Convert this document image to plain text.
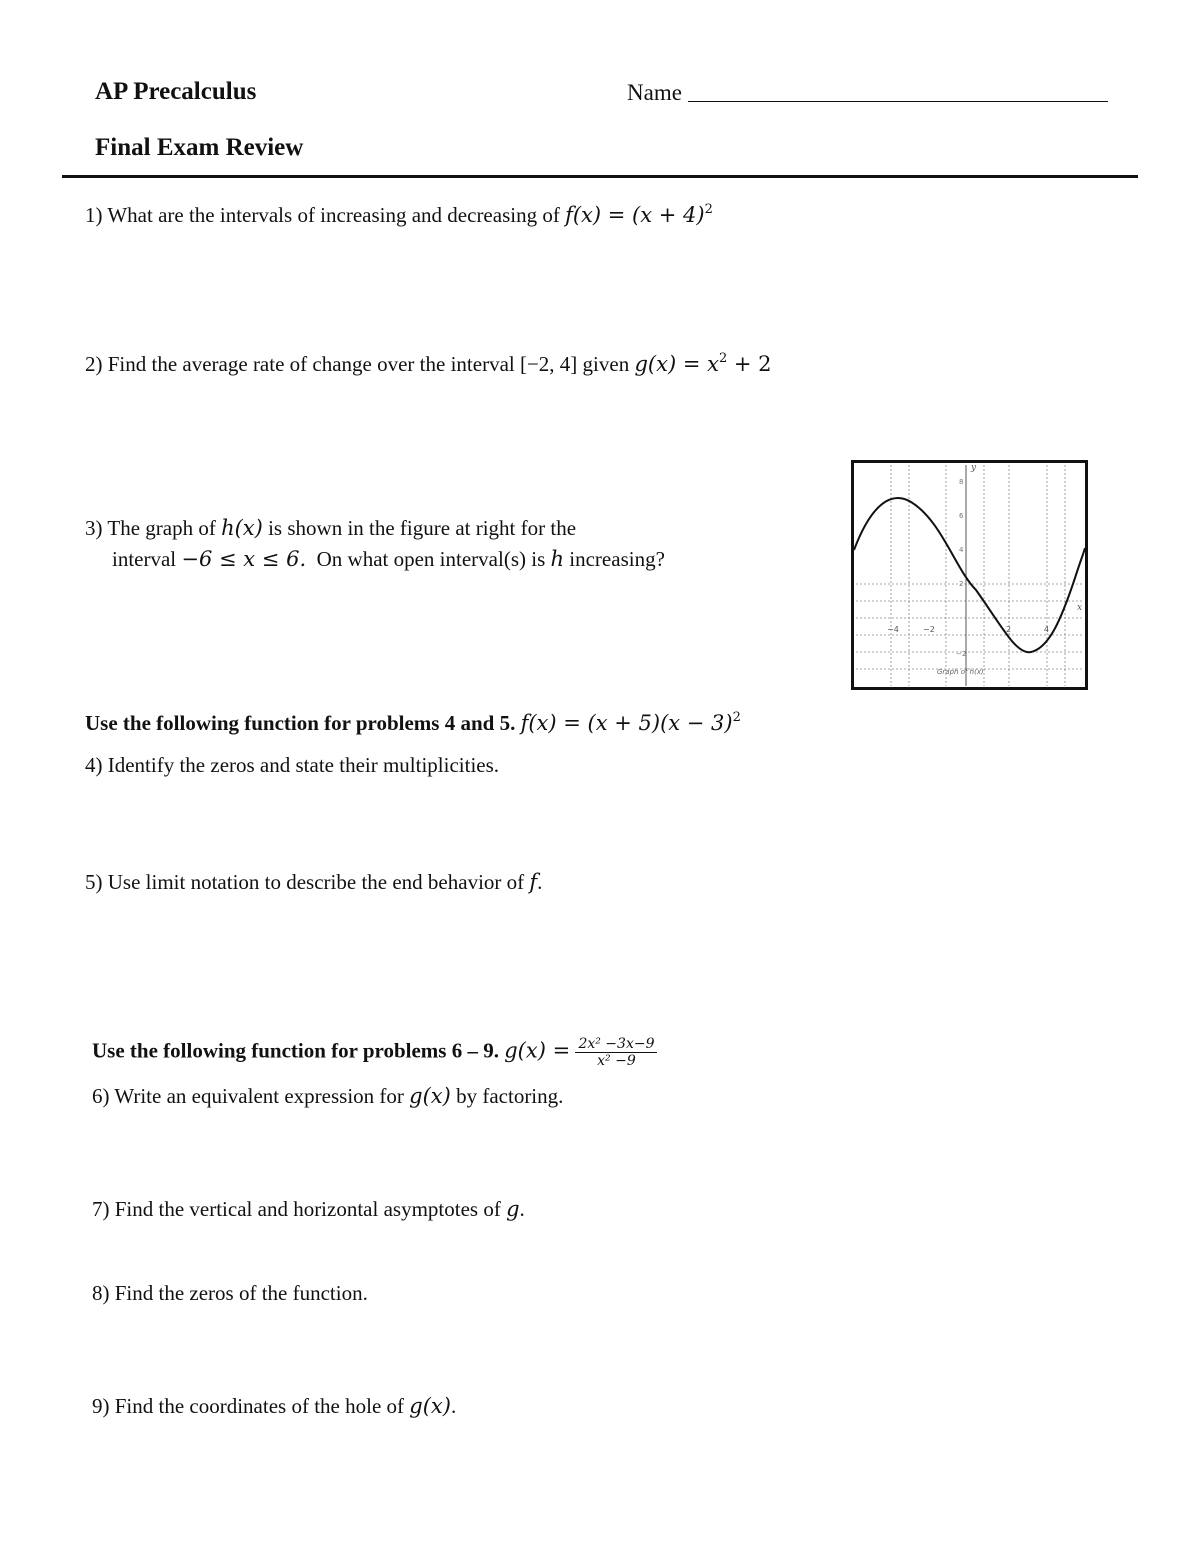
AP Precalculus
Final Exam Review
Name
1) What are the intervals of increasing and decreasing of $f(x) = (x + 4)^2$
2) Find the average rate of change over the interval [−2, 4] given $g(x) = x^2 + 2$
3) The graph of h(x) is shown in the figure at right for the
interval −6 ≤ x ≤ 6. On what open interval(s) is h increasing?
y
x
8
6
4
2
−2
−4	−2	2	4
Graph of h(x)
Use the following function for problems 4 and 5. $f(x) = (x + 5)(x - 3)^2$
4) Identify the zeros and state their multiplicities.
5) Use limit notation to describe the end behavior of f.
Use the following function for problems 6 – 9. $g(x) = \frac{\text{2x² −3x−9}}{\text{x² −9}}$
6) Write an equivalent expression for g(x) by factoring.
7) Find the vertical and horizontal asymptotes of g.
8) Find the zeros of the function.
9) Find the coordinates of the hole of g(x).
